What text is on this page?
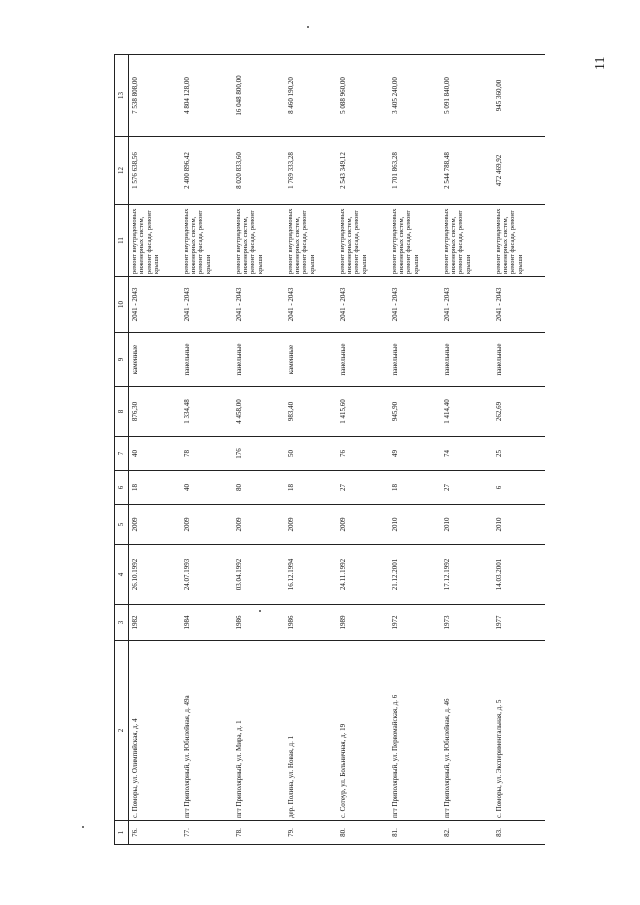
11
1	2	3	4	5	6	7	8	9	10	11	12	13
76.	с. Поморы, ул. Олимпийская, д. 4	1982	26.10.1992	2009	18	40	876,30	каменные	2041 - 2043	ремонт внутридомовых инженерных систем, ремонт фасада, ремонт крыши	1 576 638,56	7 538 808,00
77.	пгт Приполярный, ул. Юбилейная, д. 49а	1984	24.07.1993	2009	40	78	1 334,48	панельные	2041 - 2043	ремонт внутридомовых инженерных систем, ремонт фасада, ремонт крыши	2 400 896,42	4 804 128,00
78.	пгт Приполярный, ул. Мира, д. 1	1986	03.04.1992	2009	80	176	4 458,00	панельные	2041 - 2043	ремонт внутридомовых инженерных систем, ремонт фасада, ремонт крыши	8 020 833,60	16 048 800,00
79.	дер. Полина, ул. Новая, д. 1	1986	16.12.1994	2009	18	50	983,40	каменные	2041 - 2043	ремонт внутридомовых инженерных систем, ремонт фасада, ремонт крыши	1 769 333,28	8 460 190,20
80.	с. Сотеур, ул. Больничная, д. 19	1989	24.11.1992	2009	27	76	1 415,60	панельные	2041 - 2043	ремонт внутридомовых инженерных систем, ремонт фасада, ремонт крыши	2 543 349,12	5 088 960,00
81.	пгт Приполярный, ул. Первомайская, д. 6	1972	21.12.2001	2010	18	49	945,90	панельные	2041 - 2043	ремонт внутридомовых инженерных систем, ремонт фасада, ремонт крыши	1 701 863,28	3 405 240,00
82.	пгт Приполярный, ул. Юбилейная, д. 46	1973	17.12.1992	2010	27	74	1 414,40	панельные	2041 - 2043	ремонт внутридомовых инженерных систем, ремонт фасада, ремонт крыши	2 544 788,48	5 091 840,00
83.	с. Поморы, ул. Экспериментальная, д. 5	1977	14.03.2001	2010	6	25	262,69	панельные	2041 - 2043	ремонт внутридомовых инженерных систем, ремонт фасада, ремонт крыши	472 469,92	945 360,00
